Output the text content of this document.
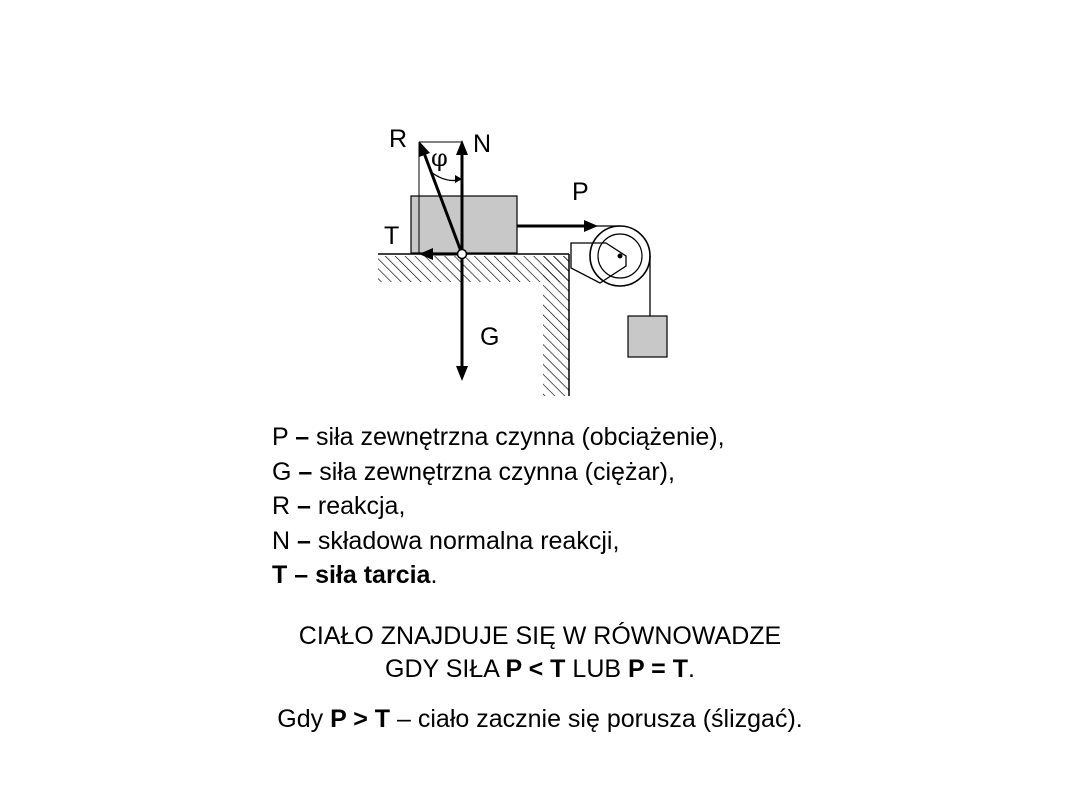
R	N
φ
P
T
G
P – siła zewnętrzna czynna (obciążenie),
G – siła zewnętrzna czynna (ciężar),
R – reakcja,
N – składowa normalna reakcji,
T – siła tarcia.
CIAŁO ZNAJDUJE SIĘ W RÓWNOWADZE
GDY SIŁA P < T LUB P = T.
Gdy P > T – ciało zacznie się porusza (ślizgać).
